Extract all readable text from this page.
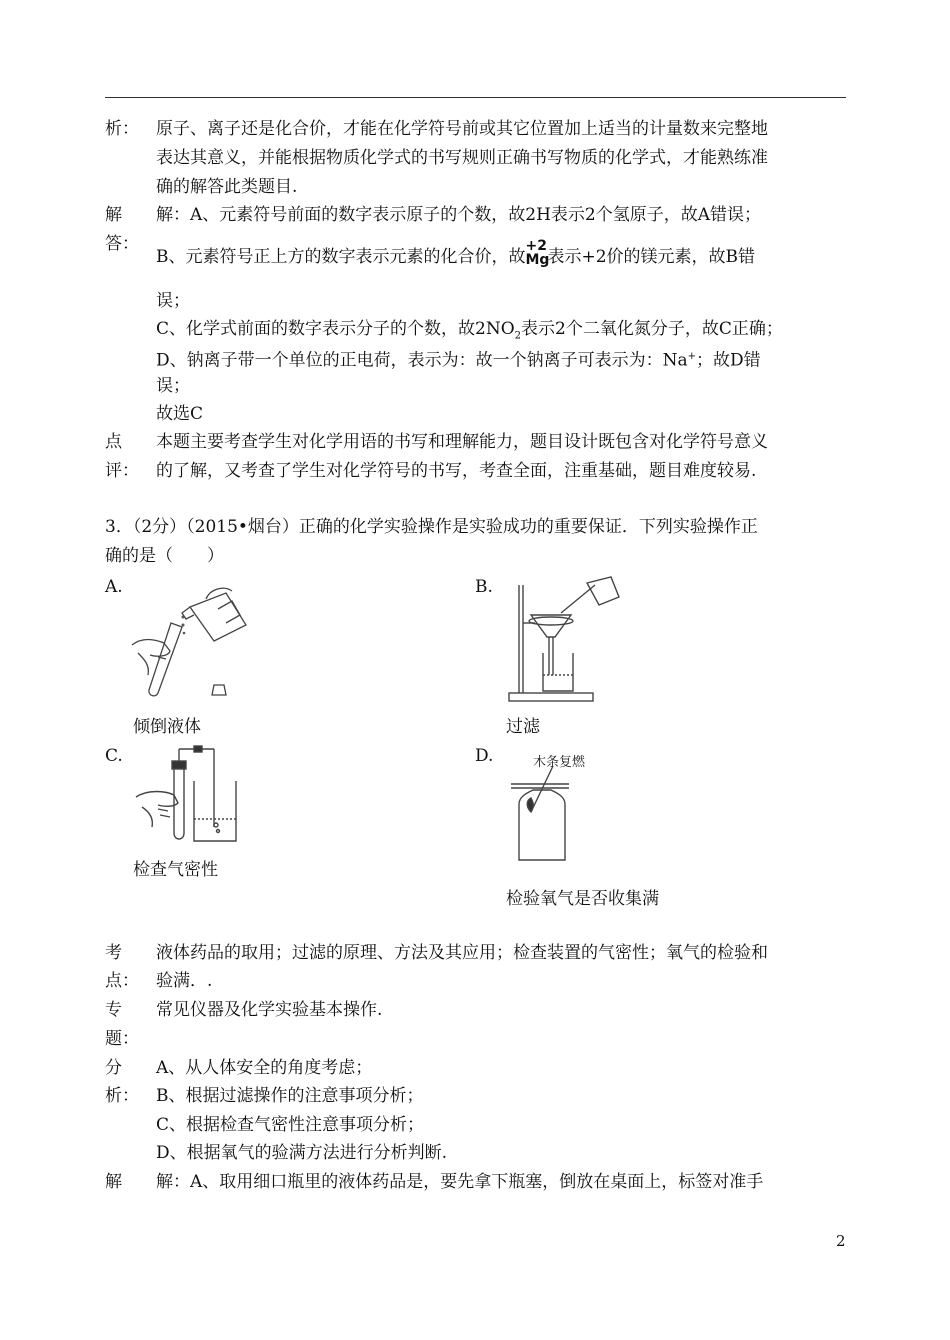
析： 原子、离子还是化合价，才能在化学符号前或其它位置加上适当的计量数来完整地
表达其意义，并能根据物质化学式的书写规则正确书写物质的化学式，才能熟练准
确的解答此类题目.
解
答：
解：A、元素符号前面的数字表示原子的个数，故2H表示2个氢原子，故A错误；
B、元素符号正上方的数字表示元素的化合价，故
+2
Mg
表示+2价的镁元素，故B错
误；
C、化学式前面的数字表示分子的个数，故$2NO_2$表示2个二氧化氮分子，故C正确；
D、钠离子带一个单位的正电荷，表示为：故一个钠离子可表示为：Na+；故D错
误；
故选C
点
评：
本题主要考查学生对化学用语的书写和理解能力，题目设计既包含对化学符号意义
的了解，又考查了学生对化学符号的书写，考查全面，注重基础，题目难度较易.
3．（2分）（2015•烟台）正确的化学实验操作是实验成功的重要保证．下列实验操作正
确的是（　　）
A.
倾倒液体
B.
过滤
C.
检查气密性
D.	木条复燃
检验氧气是否收集满
考
点：
液体药品的取用；过滤的原理、方法及其应用；检查装置的气密性；氧气的检验和
验满．.
专
题：
常见仪器及化学实验基本操作.
分
析：
A、从人体安全的角度考虑；
B、根据过滤操作的注意事项分析；
C、根据检查气密性注意事项分析；
D、根据氧气的验满方法进行分析判断.
解 解：A、取用细口瓶里的液体药品是，要先拿下瓶塞，倒放在桌面上，标签对准手
2
